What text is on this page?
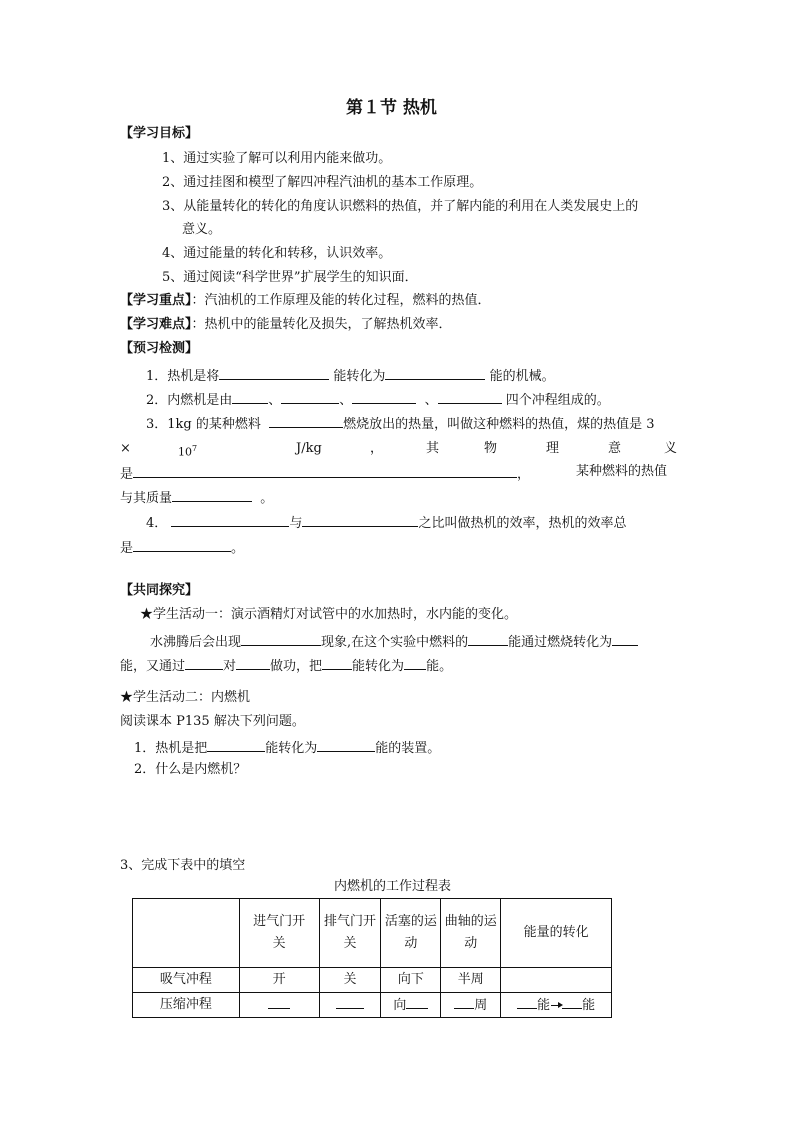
第１节 热机
【学习目标】
1、通过实验了解可以利用内能来做功。
2、通过挂图和模型了解四冲程汽油机的基本工作原理。
3、从能量转化的转化的角度认识燃料的热值，并了解内能的利用在人类发展史上的
意义。
4、通过能量的转化和转移，认识效率。
5、通过阅读“科学世界”扩展学生的知识面．
【学习重点】：汽油机的工作原理及能的转化过程，燃料的热值．
【学习难点】：热机中的能量转化及损失，了解热机效率．
【预习检测】
1．热机是将	能转化为	能的机械。
2．内燃机是由	、	、	、	四个冲程组成的。
3．1kg 的某种燃料	燃烧放出的热量，叫做这种燃料的热值，煤的热值是 3
×	$10^7$	J/kg	，	其	物	理	意	义
是	，	某种燃料的热值
与其质量	。
4．	与	之比叫做热机的效率，热机的效率总
是	。
【共同探究】
★学生活动一：演示酒精灯对试管中的水加热时，水内能的变化。
水沸腾后会出现	现象,在这个实验中燃料的	能通过燃烧转化为
能，又通过	对	做功，把 能转化为 能。
★学生活动二：内燃机
阅读课本 P135 解决下列问题。
1．热机是把	能转化为	能的装置。
2．什么是内燃机？
3、完成下表中的填空
内燃机的工作过程表
	进气门开关	排气门开关	活塞的运动	曲轴的运动	能量的转化
吸气冲程	开	关	向下	半周	
压缩冲程			向	周	能 能
